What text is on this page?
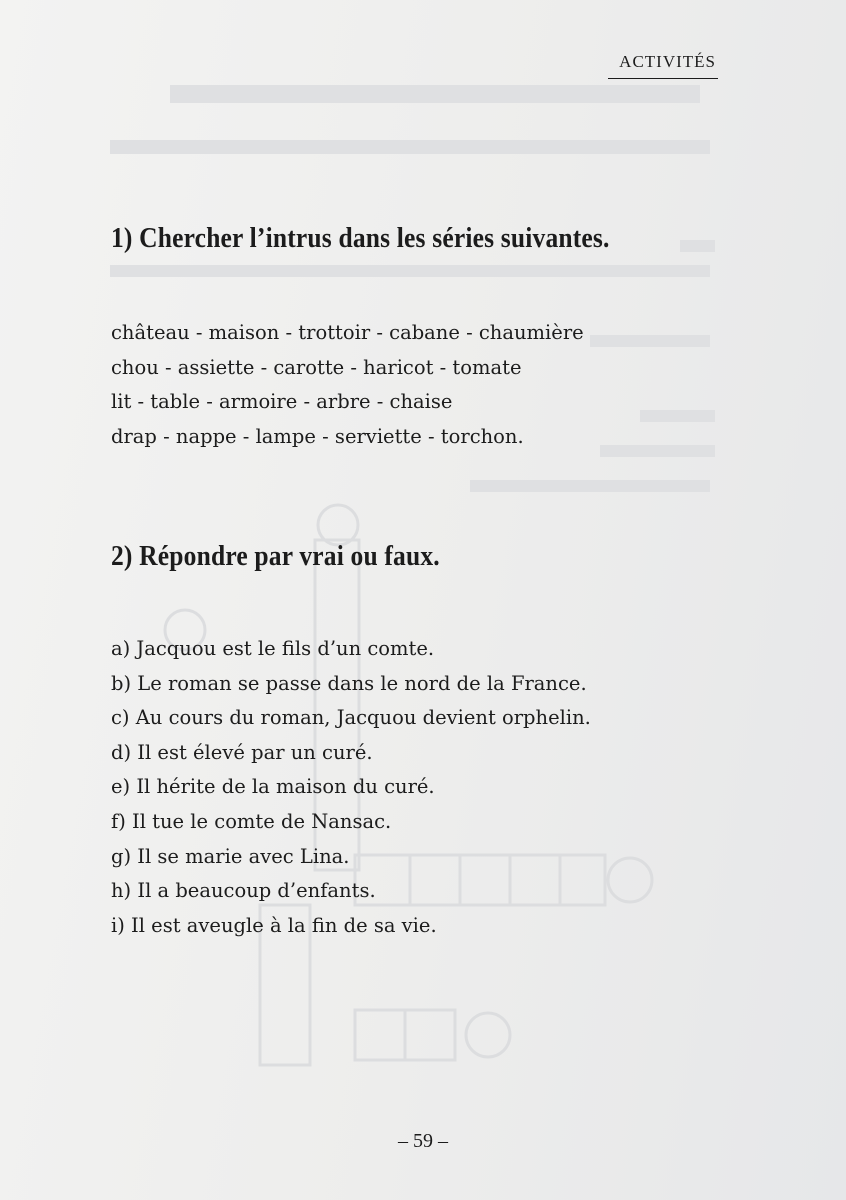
ACTIVITÉS
1) Chercher l’intrus dans les séries suivantes.
château - maison - trottoir - cabane - chaumière
chou - assiette - carotte - haricot - tomate
lit - table - armoire - arbre - chaise
drap - nappe - lampe - serviette - torchon.
2) Répondre par vrai ou faux.
a) Jacquou est le fils d’un comte.
b) Le roman se passe dans le nord de la France.
c) Au cours du roman, Jacquou devient orphelin.
d) Il est élevé par un curé.
e) Il hérite de la maison du curé.
f) Il tue le comte de Nansac.
g) Il se marie avec Lina.
h) Il a beaucoup d’enfants.
i) Il est aveugle à la fin de sa vie.
– 59 –
